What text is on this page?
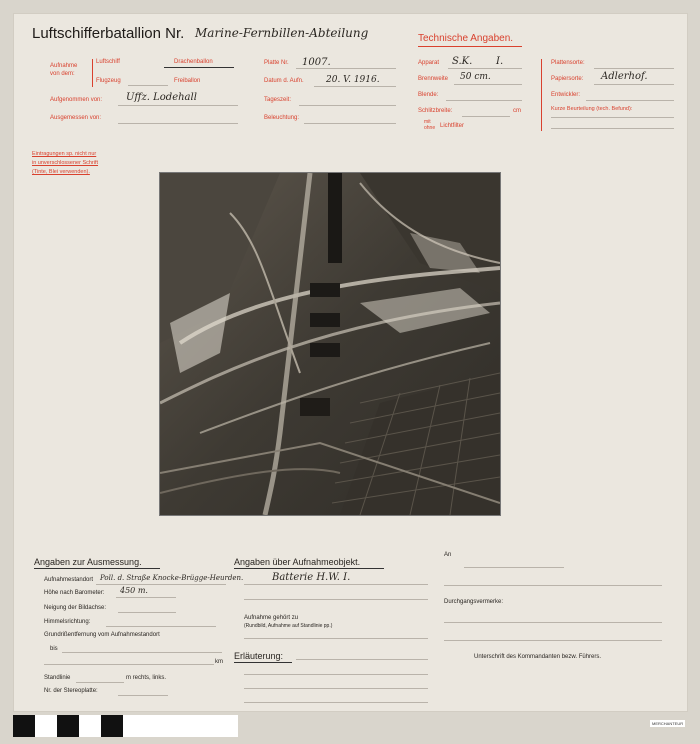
Luftschifferbatallion Nr. Marine-Fernbillen-Abteilung	Technische Angaben.
Aufnahme
von dem:
Luftschiff	Drachenballon
Flugzeug	Freiballon
Aufgenommen von: Uffz. Lodehall
Ausgemessen von:
Platte Nr. 1007.
Datum d. Aufn. 20. V. 1916.
Tageszeit:
Beleuchtung:
Apparat S.K. I.
Brennweite 50 cm.
Blende:
Schlitzbreite:	cm
mit
ohne Lichtfilter
Plattensorte:
Papiersorte: Adlerhof.
Entwickler:
Kurze Beurteilung (tech. Befund):
Eintragungen sp. nicht nur
in unverschlossener Schrift
(Tinte, Blei verwenden).
Angaben zur Ausmessung.
Aufnahmestandort Poll. d. Straße Knocke-Brügge-Heurden.
Höhe nach Barometer: 450 m.
Neigung der Bildachse:
Himmelsrichtung:
Grundrißentfernung vom Aufnahmestandort
bis
km
Standlinie	m rechts, links.
Nr. der Stereoplatte:
Angaben über Aufnahmeobjekt.
Batterie H.W. I.
Aufnahme gehört zu
(Rundbild, Aufnahme auf Standlinie pp.)
Erläuterung:
An
Durchgangsvermerke:
Unterschrift des Kommandanten bezw. Führers.
MERCHANTEUR
